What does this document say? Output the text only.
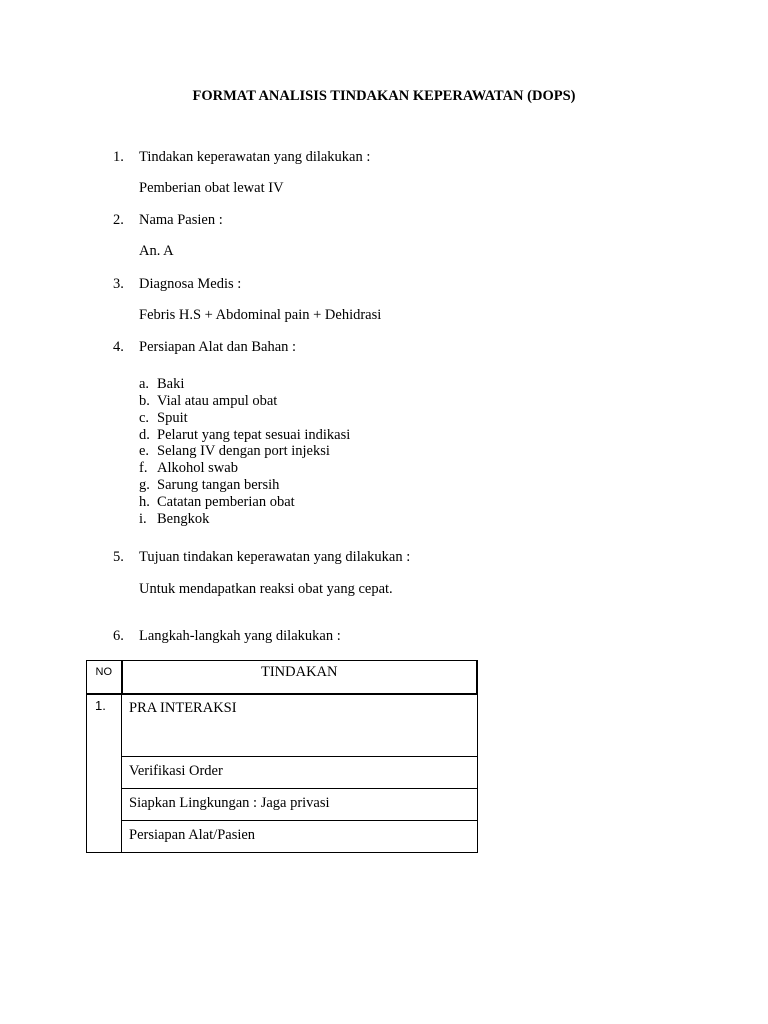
FORMAT ANALISIS TINDAKAN KEPERAWATAN (DOPS)
1. Tindakan keperawatan yang dilakukan :
Pemberian obat lewat IV
2. Nama Pasien :
An. A
3. Diagnosa Medis :
Febris H.S + Abdominal pain + Dehidrasi
4. Persiapan Alat dan Bahan :
a. Baki
b. Vial atau ampul obat
c. Spuit
d. Pelarut yang tepat sesuai indikasi
e. Selang IV dengan port injeksi
f. Alkohol swab
g. Sarung tangan bersih
h. Catatan pemberian obat
i. Bengkok
5. Tujuan tindakan keperawatan yang dilakukan :
Untuk mendapatkan reaksi obat yang cepat.
6. Langkah-langkah yang dilakukan :
NO	TINDAKAN
1.	PRA INTERAKSI
	Verifikasi Order
	Siapkan Lingkungan : Jaga privasi
	Persiapan Alat/Pasien
